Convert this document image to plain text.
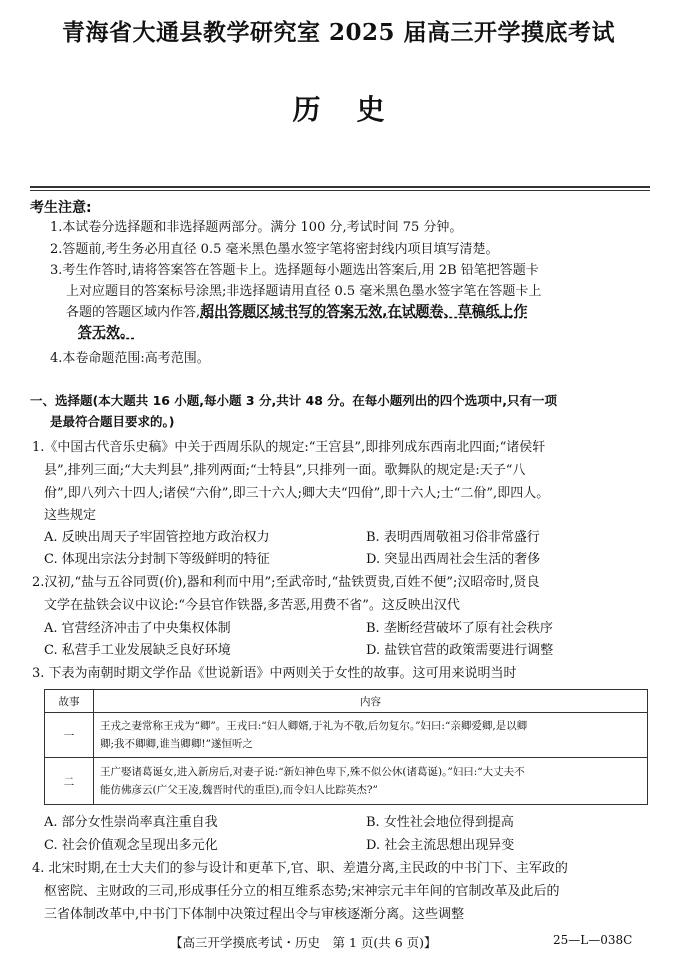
青海省大通县教学研究室 2025 届高三开学摸底考试
历史
考生注意:
1.本试卷分选择题和非选择题两部分。满分 100 分,考试时间 75 分钟。
2.答题前,考生务必用直径 0.5 毫米黑色墨水签字笔将密封线内项目填写清楚。
3.考生作答时,请将答案答在答题卡上。选择题每小题选出答案后,用 2B 铅笔把答题卡
上对应题目的答案标号涂黑;非选择题请用直径 0.5 毫米黑色墨水签字笔在答题卡上
各题的答题区域内作答,超出答题区域书写的答案无效,在试题卷、草稿纸上作
答无效。
4.本卷命题范围:高考范围。
一、选择题(本大题共 16 小题,每小题 3 分,共计 48 分。在每小题列出的四个选项中,只有一项
是最符合题目要求的。)
1.《中国古代音乐史稿》中关于西周乐队的规定:“王宫县”,即排列成东西南北四面;“诸侯轩
县”,排列三面;“大夫判县”,排列两面;“士特县”,只排列一面。歌舞队的规定是:天子“八
佾”,即八列六十四人;诸侯“六佾”,即三十六人;卿大夫“四佾”,即十六人;士“二佾”,即四人。
这些规定
A. 反映出周天子牢固管控地方政治权力	B. 表明西周敬祖习俗非常盛行
C. 体现出宗法分封制下等级鲜明的特征	D. 突显出西周社会生活的奢侈
2.汉初,“盐与五谷同贾(价),器和利而中用”;至武帝时,“盐铁贾贵,百姓不便”;汉昭帝时,贤良
文学在盐铁会议中议论:“今县官作铁器,多苦恶,用费不省”。这反映出汉代
A. 官营经济冲击了中央集权体制	B. 垄断经营破坏了原有社会秩序
C. 私营手工业发展缺乏良好环境	D. 盐铁官营的政策需要进行调整
3. 下表为南朝时期文学作品《世说新语》中两则关于女性的故事。这可用来说明当时
故事	内容
一	王戎之妻常称王戎为“卿”。王戎曰:“妇人卿婿,于礼为不敬,后勿复尔。”妇曰:“亲卿爱卿,是以卿
卿;我不卿卿,谁当卿卿!”遂恒听之

二	王广娶诸葛诞女,进入新房后,对妻子说:“新妇神色卑下,殊不似公休(诸葛诞)。”妇曰:“大丈夫不
能仿佛彦云(广父王凌,魏晋时代的重臣),而令妇人比踪英杰?”
A. 部分女性崇尚率真注重自我	B. 女性社会地位得到提高
C. 社会价值观念呈现出多元化	D. 社会主流思想出现异变
4. 北宋时期,在士大夫们的参与设计和更革下,官、职、差遣分离,主民政的中书门下、主军政的
枢密院、主财政的三司,形成事任分立的相互维系态势;宋神宗元丰年间的官制改革及此后的
三省体制改革中,中书门下体制中决策过程出令与审核逐渐分离。这些调整
【高三开学摸底考试・历史　第 1 页(共 6 页)】	25—L—038C
